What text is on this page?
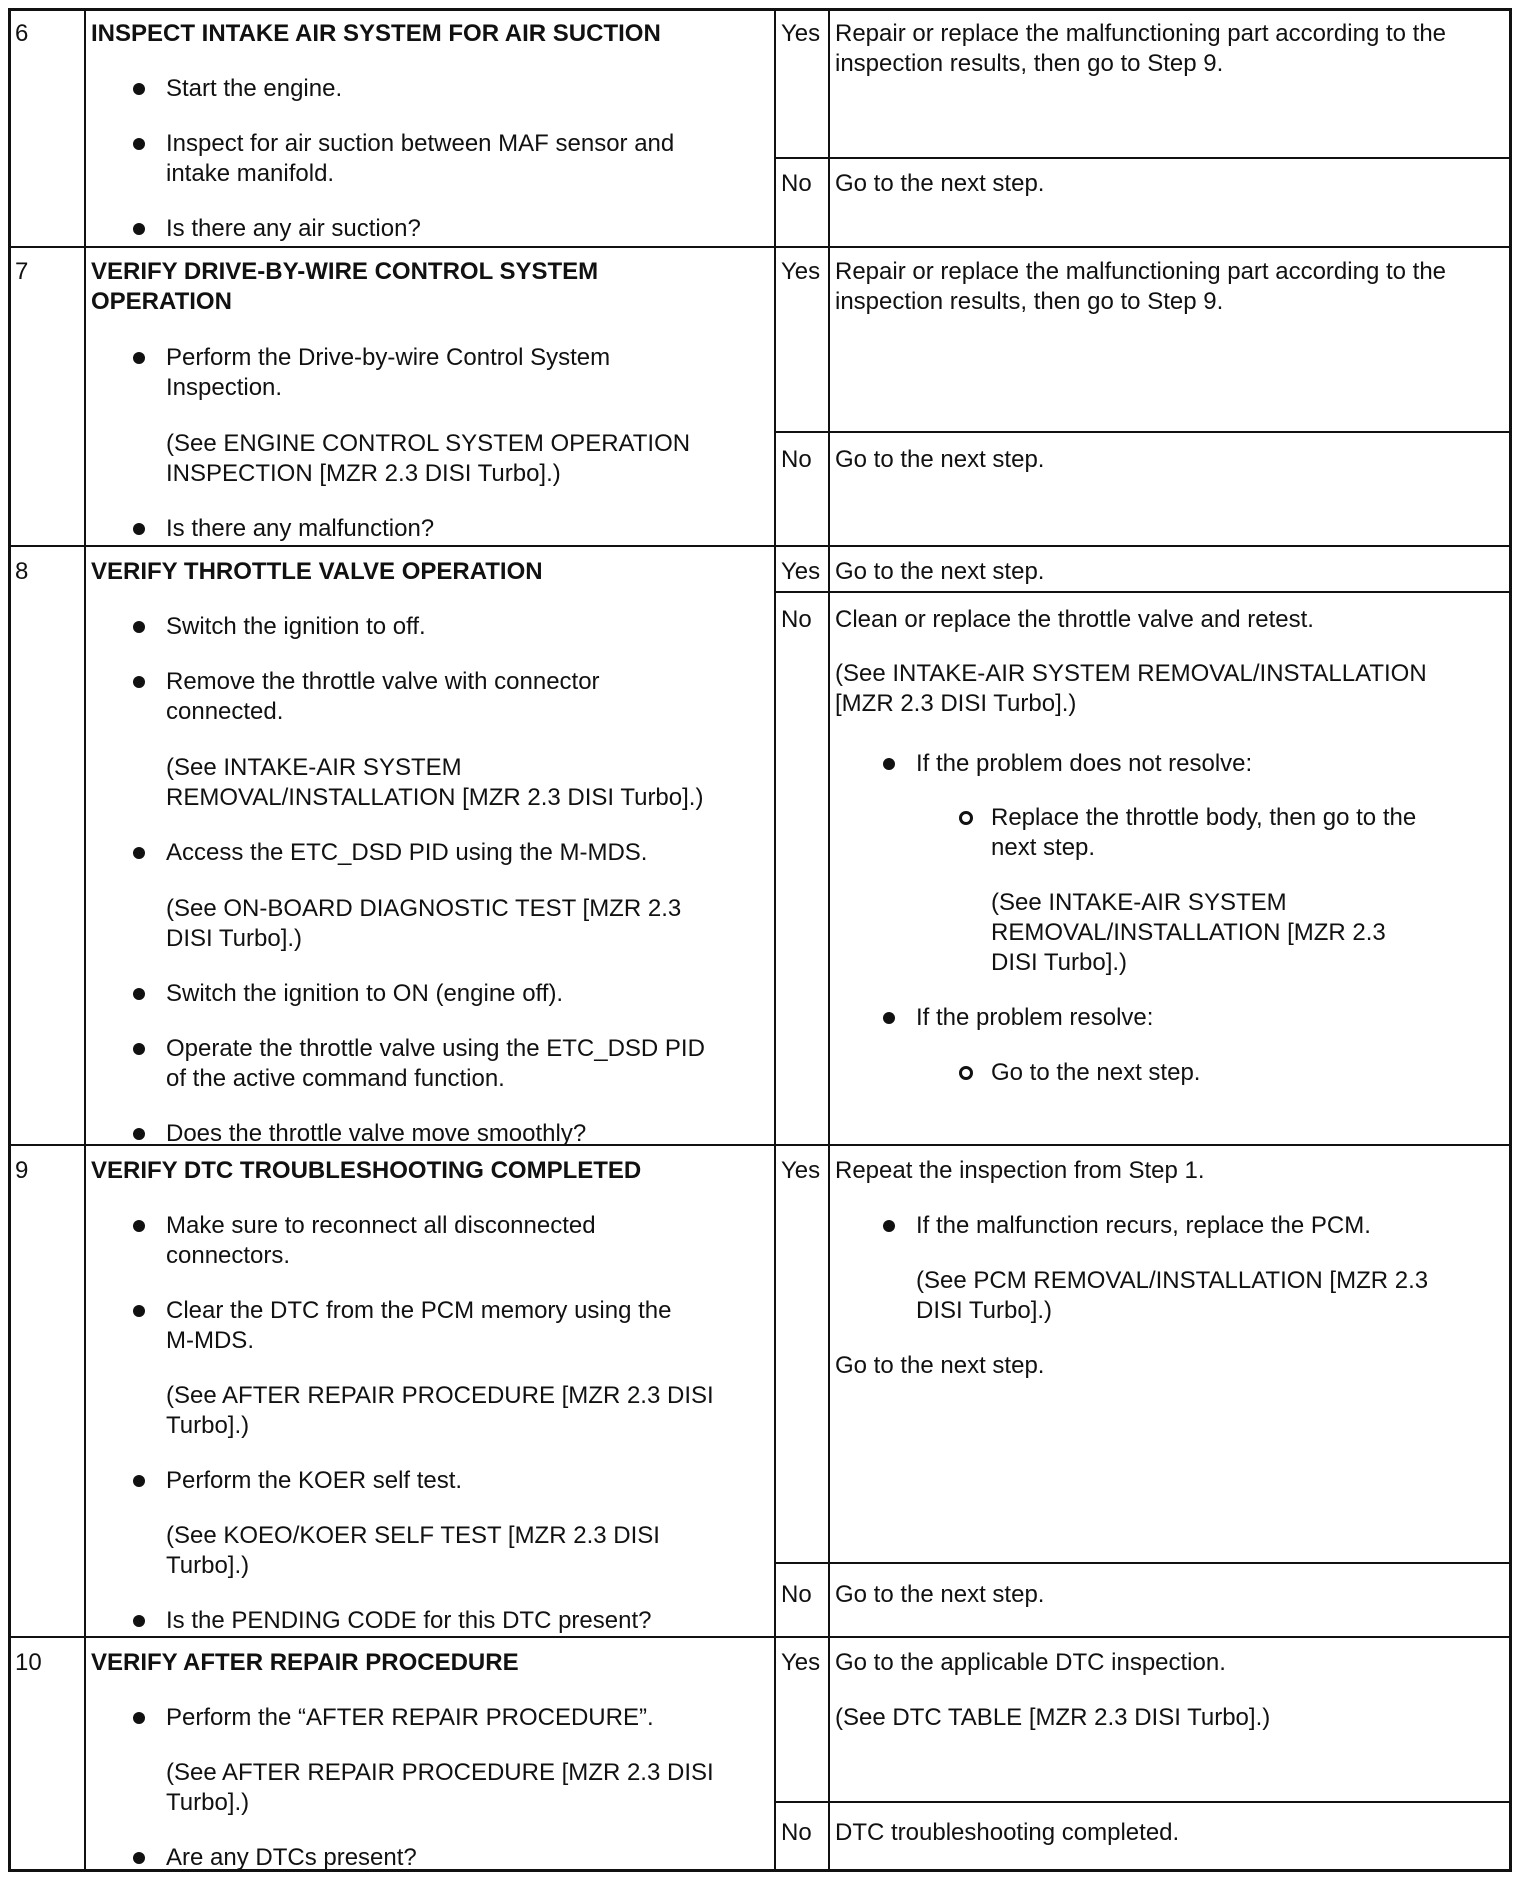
6	INSPECT INTAKE AIR SYSTEM FOR AIR SUCTION
Start the engine.
Inspect for air suction between MAF sensor and
intake manifold.
Is there any air suction?
Yes Repair or replace the malfunctioning part according to the
inspection results, then go to Step 9.
No Go to the next step.
7	VERIFY DRIVE-BY-WIRE CONTROL SYSTEM
OPERATION
Perform the Drive-by-wire Control System
Inspection.
(See ENGINE CONTROL SYSTEM OPERATION
INSPECTION [MZR 2.3 DISI Turbo].)
Is there any malfunction?
Yes Repair or replace the malfunctioning part according to the
inspection results, then go to Step 9.
No Go to the next step.
8	VERIFY THROTTLE VALVE OPERATION
Switch the ignition to off.
Remove the throttle valve with connector
connected.
(See INTAKE-AIR SYSTEM
REMOVAL/INSTALLATION [MZR 2.3 DISI Turbo].)
Access the ETC_DSD PID using the M-MDS.
(See ON-BOARD DIAGNOSTIC TEST [MZR 2.3
DISI Turbo].)
Switch the ignition to ON (engine off).
Operate the throttle valve using the ETC_DSD PID
of the active command function.
Does the throttle valve move smoothly?
Yes Go to the next step.
No Clean or replace the throttle valve and retest.
(See INTAKE-AIR SYSTEM REMOVAL/INSTALLATION
[MZR 2.3 DISI Turbo].)
If the problem does not resolve:
Replace the throttle body, then go to the
next step.
(See INTAKE-AIR SYSTEM
REMOVAL/INSTALLATION [MZR 2.3
DISI Turbo].)
If the problem resolve:
Go to the next step.
9	VERIFY DTC TROUBLESHOOTING COMPLETED
Make sure to reconnect all disconnected
connectors.
Clear the DTC from the PCM memory using the
M-MDS.
(See AFTER REPAIR PROCEDURE [MZR 2.3 DISI
Turbo].)
Perform the KOER self test.
(See KOEO/KOER SELF TEST [MZR 2.3 DISI
Turbo].)
Is the PENDING CODE for this DTC present?
Yes Repeat the inspection from Step 1.
If the malfunction recurs, replace the PCM.
(See PCM REMOVAL/INSTALLATION [MZR 2.3
DISI Turbo].)
Go to the next step.
No Go to the next step.
10 VERIFY AFTER REPAIR PROCEDURE
Perform the “AFTER REPAIR PROCEDURE”.
(See AFTER REPAIR PROCEDURE [MZR 2.3 DISI
Turbo].)
Are any DTCs present?
Yes Go to the applicable DTC inspection.
(See DTC TABLE [MZR 2.3 DISI Turbo].)
No DTC troubleshooting completed.
